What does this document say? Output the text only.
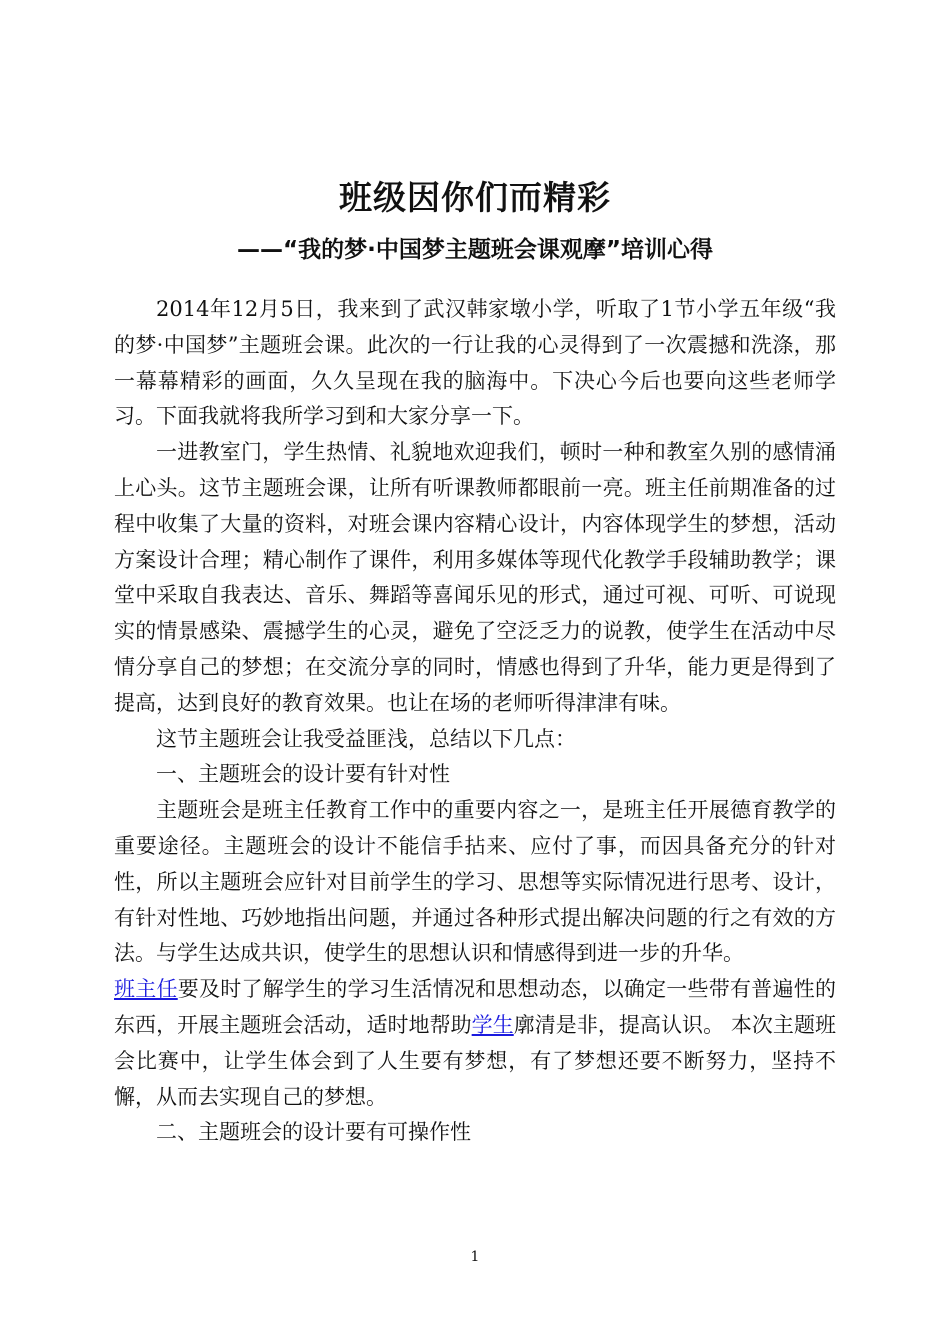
班级因你们而精彩
——“我的梦·中国梦主题班会课观摩”培训心得

2014年12月5日，我来到了武汉韩家墩小学，听取了1节小学五年级“我的梦·中国梦”主题班会课。此次的一行让我的心灵得到了一次震撼和洗涤，那一幕幕精彩的画面，久久呈现在我的脑海中。下决心今后也要向这些老师学习。下面我就将我所学习到和大家分享一下。

一进教室门，学生热情、礼貌地欢迎我们，顿时一种和教室久别的感情涌上心头。这节主题班会课，让所有听课教师都眼前一亮。班主任前期准备的过程中收集了大量的资料，对班会课内容精心设计，内容体现学生的梦想，活动方案设计合理；精心制作了课件，利用多媒体等现代化教学手段辅助教学；课堂中采取自我表达、音乐、舞蹈等喜闻乐见的形式，通过可视、可听、可说现实的情景感染、震撼学生的心灵，避免了空泛乏力的说教，使学生在活动中尽情分享自己的梦想；在交流分享的同时，情感也得到了升华，能力更是得到了提高，达到良好的教育效果。也让在场的老师听得津津有味。

这节主题班会让我受益匪浅，总结以下几点：

一、主题班会的设计要有针对性

主题班会是班主任教育工作中的重要内容之一，是班主任开展德育教学的重要途径。主题班会的设计不能信手拈来、应付了事，而因具备充分的针对性，所以主题班会应针对目前学生的学习、思想等实际情况进行思考、设计，有针对性地、巧妙地指出问题，并通过各种形式提出解决问题的行之有效的方法。与学生达成共识，使学生的思想认识和情感得到进一步的升华。

班主任要及时了解学生的学习生活情况和思想动态，以确定一些带有普遍性的东西，开展主题班会活动，适时地帮助学生廓清是非，提高认识。 本次主题班会比赛中，让学生体会到了人生要有梦想，有了梦想还要不断努力，坚持不懈，从而去实现自己的梦想。

二、主题班会的设计要有可操作性

1
